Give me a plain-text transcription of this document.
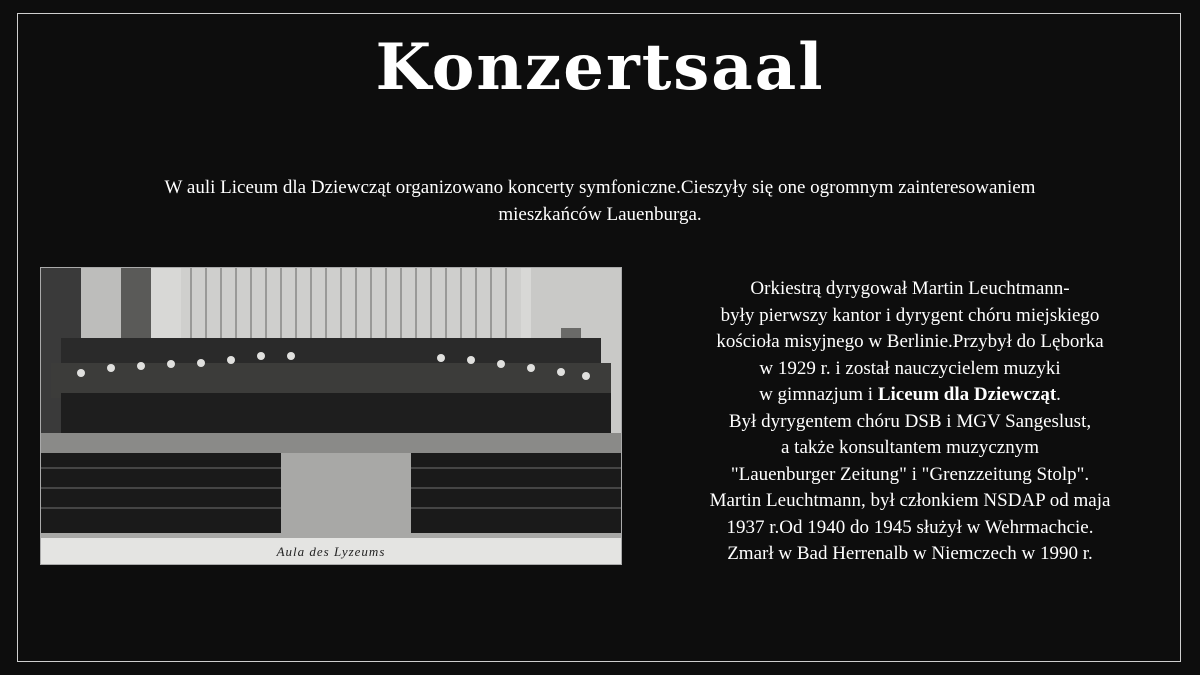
Konzertsaal
W auli Liceum dla Dziewcząt organizowano koncerty symfoniczne.Cieszyły się one ogromnym zainteresowaniem
mieszkańców Lauenburga.
Aula des Lyzeums
Orkiestrą dyrygował Martin Leuchtmann-
były pierwszy kantor i dyrygent chóru miejskiego
kościoła misyjnego w Berlinie.Przybył do Lęborka
w 1929 r. i został nauczycielem muzyki
w gimnazjum i Liceum dla Dziewcząt.
Był dyrygentem chóru DSB i MGV Sangeslust,
a także konsultantem muzycznym
"Lauenburger Zeitung" i "Grenzzeitung Stolp".
Martin Leuchtmann, był członkiem NSDAP od maja
1937 r.Od 1940 do 1945 służył w Wehrmachcie.
Zmarł w Bad Herrenalb w Niemczech w 1990 r.
